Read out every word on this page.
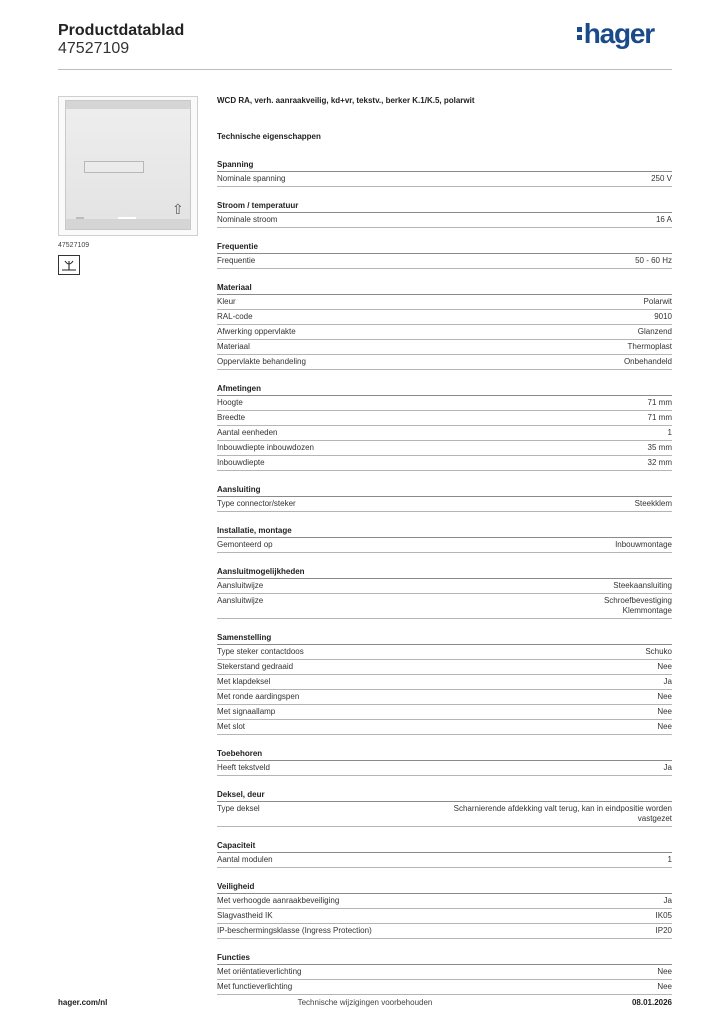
Productdatablad
47527109	hager
⇧
47527109
WCD RA, verh. aanraakveilig, kd+vr, tekstv., berker K.1/K.5, polarwit
Technische eigenschappen
Spanning
Nominale spanning	250 V
Stroom / temperatuur
Nominale stroom	16 A
Frequentie
Frequentie	50 - 60 Hz
Materiaal
Kleur	Polarwit
RAL-code	9010
Afwerking oppervlakte	Glanzend
Materiaal	Thermoplast
Oppervlakte behandeling	Onbehandeld
Afmetingen
Hoogte	71 mm
Breedte	71 mm
Aantal eenheden	1
Inbouwdiepte inbouwdozen	35 mm
Inbouwdiepte	32 mm
Aansluiting
Type connector/steker	Steekklem
Installatie, montage
Gemonteerd op	Inbouwmontage
Aansluitmogelijkheden
Aansluitwijze	Steekaansluiting
Aansluitwijze	Schroefbevestiging
Klemmontage
Samenstelling
Type steker contactdoos	Schuko
Stekerstand gedraaid	Nee
Met klapdeksel	Ja
Met ronde aardingspen	Nee
Met signaallamp	Nee
Met slot	Nee
Toebehoren
Heeft tekstveld	Ja
Deksel, deur
Type deksel	Scharnierende afdekking valt terug, kan in eindpositie worden
vastgezet
Capaciteit
Aantal modulen	1
Veiligheid
Met verhoogde aanraakbeveiliging	Ja
Slagvastheid IK	IK05
IP-beschermingsklasse (Ingress Protection)	IP20
Functies
Met oriëntatieverlichting	Nee
Met functieverlichting	Nee
hager.com/nl	Technische wijzigingen voorbehouden	08.01.2026
